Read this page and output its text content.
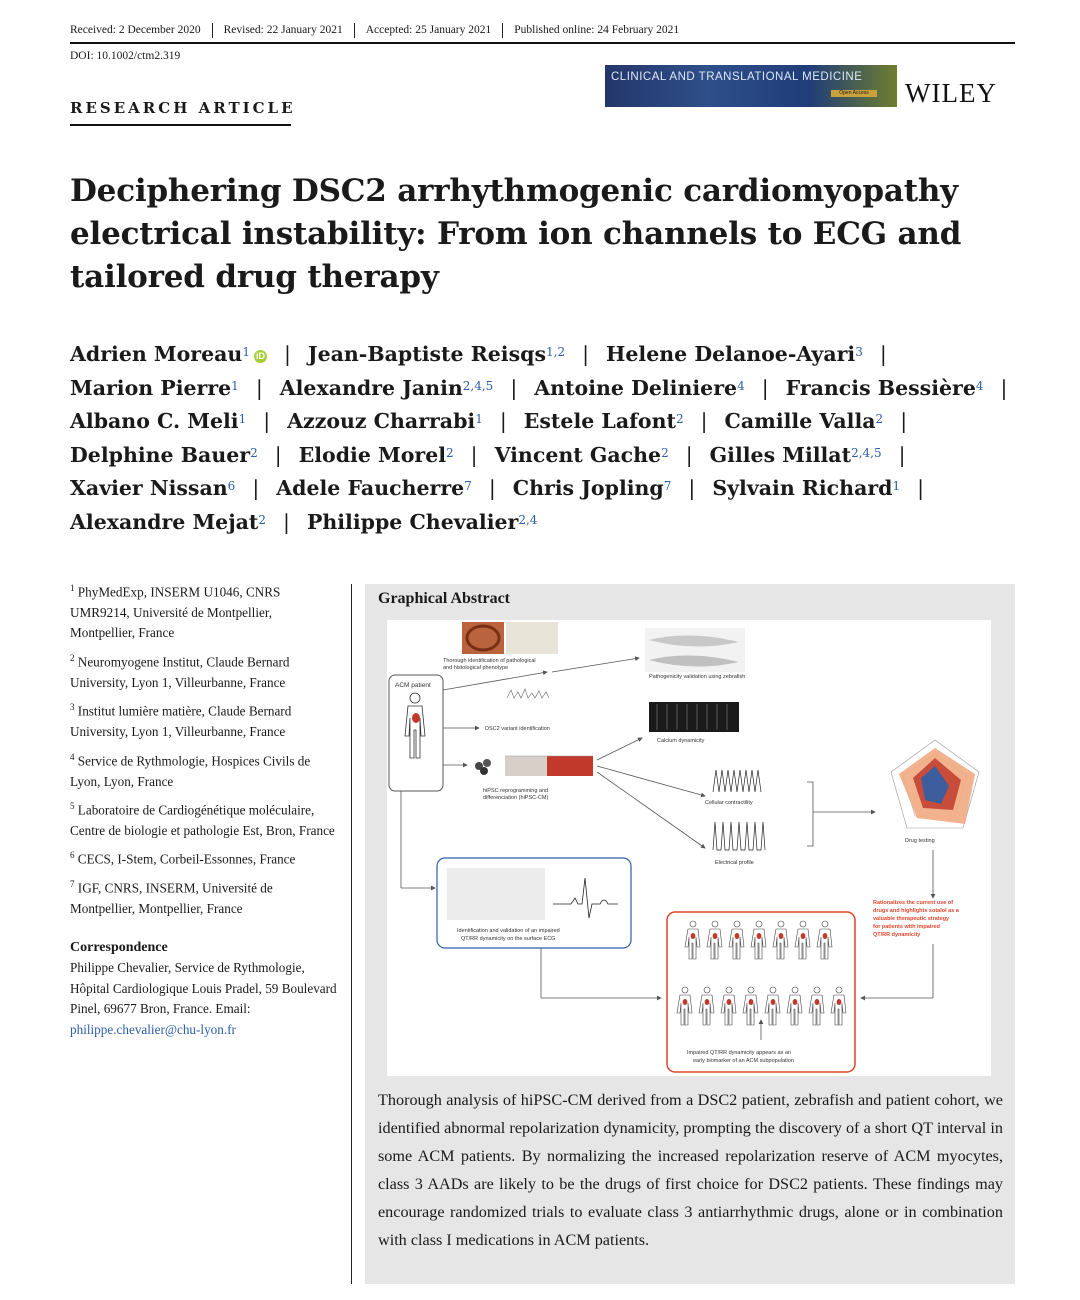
Received: 2 December 2020 Revised: 22 January 2021 Accepted: 25 January 2021 Published online: 24 February 2021
DOI: 10.1002/ctm2.319
RESEARCH ARTICLE
CLINICAL AND TRANSLATIONAL MEDICINE
Open Access	WILEY
Deciphering DSC2 arrhythmogenic cardiomyopathy electrical instability: From ion channels to ECG and tailored drug therapy
Adrien Moreau$^1$ iD | Jean-Baptiste Reisqs$^{1,2}$ | Helene Delanoe-Ayari$^3$ |
Marion Pierre$^1$ | Alexandre Janin$^{2,4,5}$ | Antoine Deliniere$^4$ | Francis Bessière$^4$ |
Albano C. Meli$^1$ | Azzouz Charrabi$^1$ | Estele Lafont$^2$ | Camille Valla$^2$ |
Delphine Bauer$^2$ | Elodie Morel$^2$ | Vincent Gache$^2$ | Gilles Millat$^{2,4,5}$ |
Xavier Nissan$^6$ | Adele Faucherre$^7$ | Chris Jopling$^7$ | Sylvain Richard$^1$ |
Alexandre Mejat$^2$ | Philippe Chevalier$^{2,4}$
$^1$ PhyMedExp, INSERM U1046, CNRS UMR9214, Université de Montpellier, Montpellier, France
$^2$ Neuromyogene Institut, Claude Bernard University, Lyon 1, Villeurbanne, France
$^3$ Institut lumière matière, Claude Bernard University, Lyon 1, Villeurbanne, France
$^4$ Service de Rythmologie, Hospices Civils de Lyon, Lyon, France
$^5$ Laboratoire de Cardiogénétique moléculaire, Centre de biologie et pathologie Est, Bron, France
$^6$ CECS, I-Stem, Corbeil-Essonnes, France
$^7$ IGF, CNRS, INSERM, Université de Montpellier, Montpellier, France
Correspondence
Philippe Chevalier, Service de Rythmologie, Hôpital Cardiologique Louis Pradel, 59 Boulevard Pinel, 69677 Bron, France. Email: philippe.chevalier@chu-lyon.fr
Graphical Abstract
ACM patient
Thorough identification of pathological and histological phenotype
Pathogenicity validation using zebrafish
DSC2 variant identification
Calcium dynamicity
hiPSC reprogramming and differenciation (hiPSC-CM)
Cellular contractility
Electrical profile
Drug testing
Rationalizes the current use of drugs and highlights sotalol as a valuable therapeutic strategy for patients with impaired QT/RR dynamicity
Identification and validation of an impaired QT/RR dynamicity on the surface ECG
Impaired QT/RR dynamicity appears as an early biomarker of an ACM subpopulation
Thorough analysis of hiPSC-CM derived from a DSC2 patient, zebrafish and patient cohort, we identified abnormal repolarization dynamicity, prompting the discovery of a short QT interval in some ACM patients. By normalizing the increased repolarization reserve of ACM myocytes, class 3 AADs are likely to be the drugs of first choice for DSC2 patients. These findings may encourage randomized trials to evaluate class 3 antiarrhythmic drugs, alone or in combination with class I medications in ACM patients.
